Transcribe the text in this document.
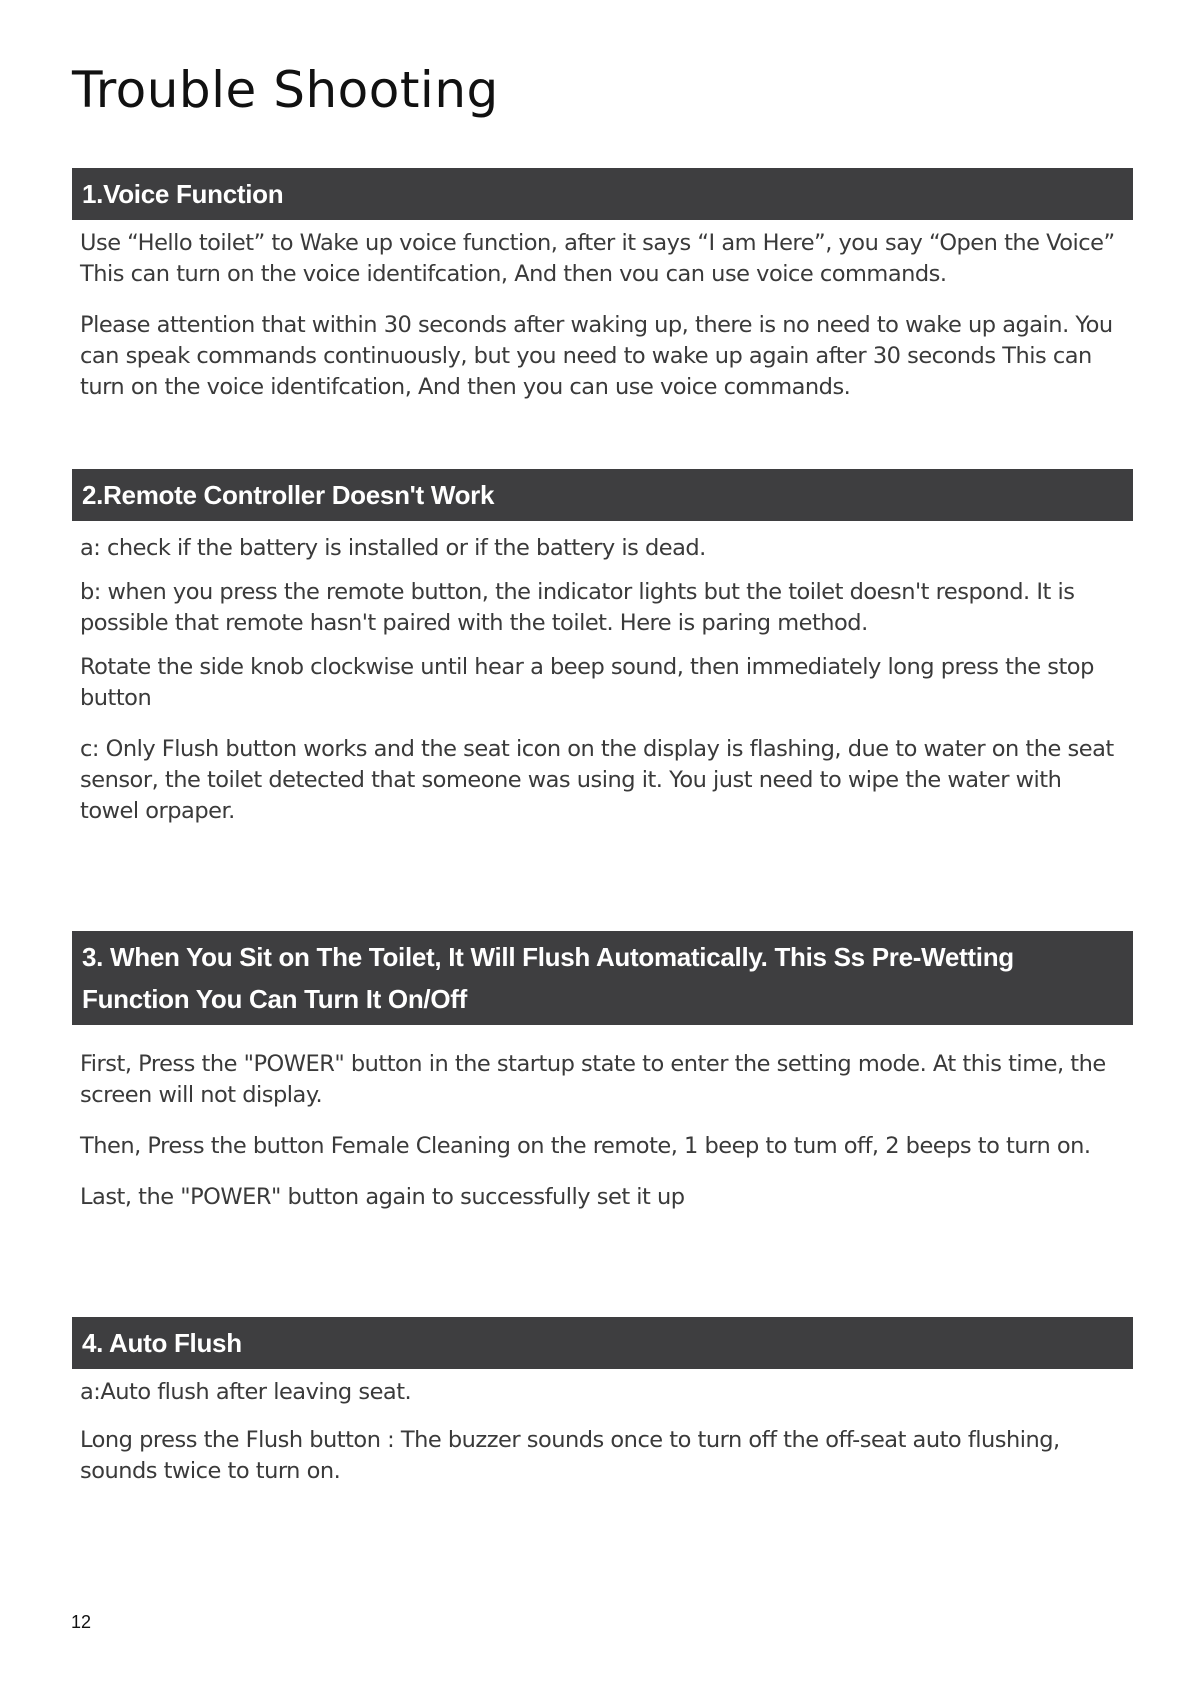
Trouble Shooting
1.Voice Function

Use “Hello toilet” to Wake up voice function, after it says “I am Here”, you say “Open the Voice” This can turn on the voice identifcation, And then vou can use voice commands.

Please attention that within 30 seconds after waking up, there is no need to wake up again. You can speak commands continuously, but you need to wake up again after 30 seconds This can turn on the voice identifcation, And then you can use voice commands.

2.Remote Controller Doesn't Work

a: check if the battery is installed or if the battery is dead.

b: when you press the remote button, the indicator lights but the toilet doesn't respond. It is possible that remote hasn't paired with the toilet. Here is paring method.

Rotate the side knob clockwise until hear a beep sound, then immediately long press the stop button

c: Only Flush button works and the seat icon on the display is flashing, due to water on the seat sensor, the toilet detected that someone was using it. You just need to wipe the water with towel orpaper.

3. When You Sit on The Toilet, It Will Flush Automatically. This Ss Pre-Wetting Function You Can Turn It On/Off

First, Press the "POWER" button in the startup state to enter the setting mode. At this time, the screen will not display.

Then, Press the button Female Cleaning on the remote, 1 beep to tum off, 2 beeps to turn on.

Last, the "POWER" button again to successfully set it up

4. Auto Flush

a:Auto flush after leaving seat.

Long press the Flush button : The buzzer sounds once to turn off the off-seat auto flushing, sounds twice to turn on.

12
